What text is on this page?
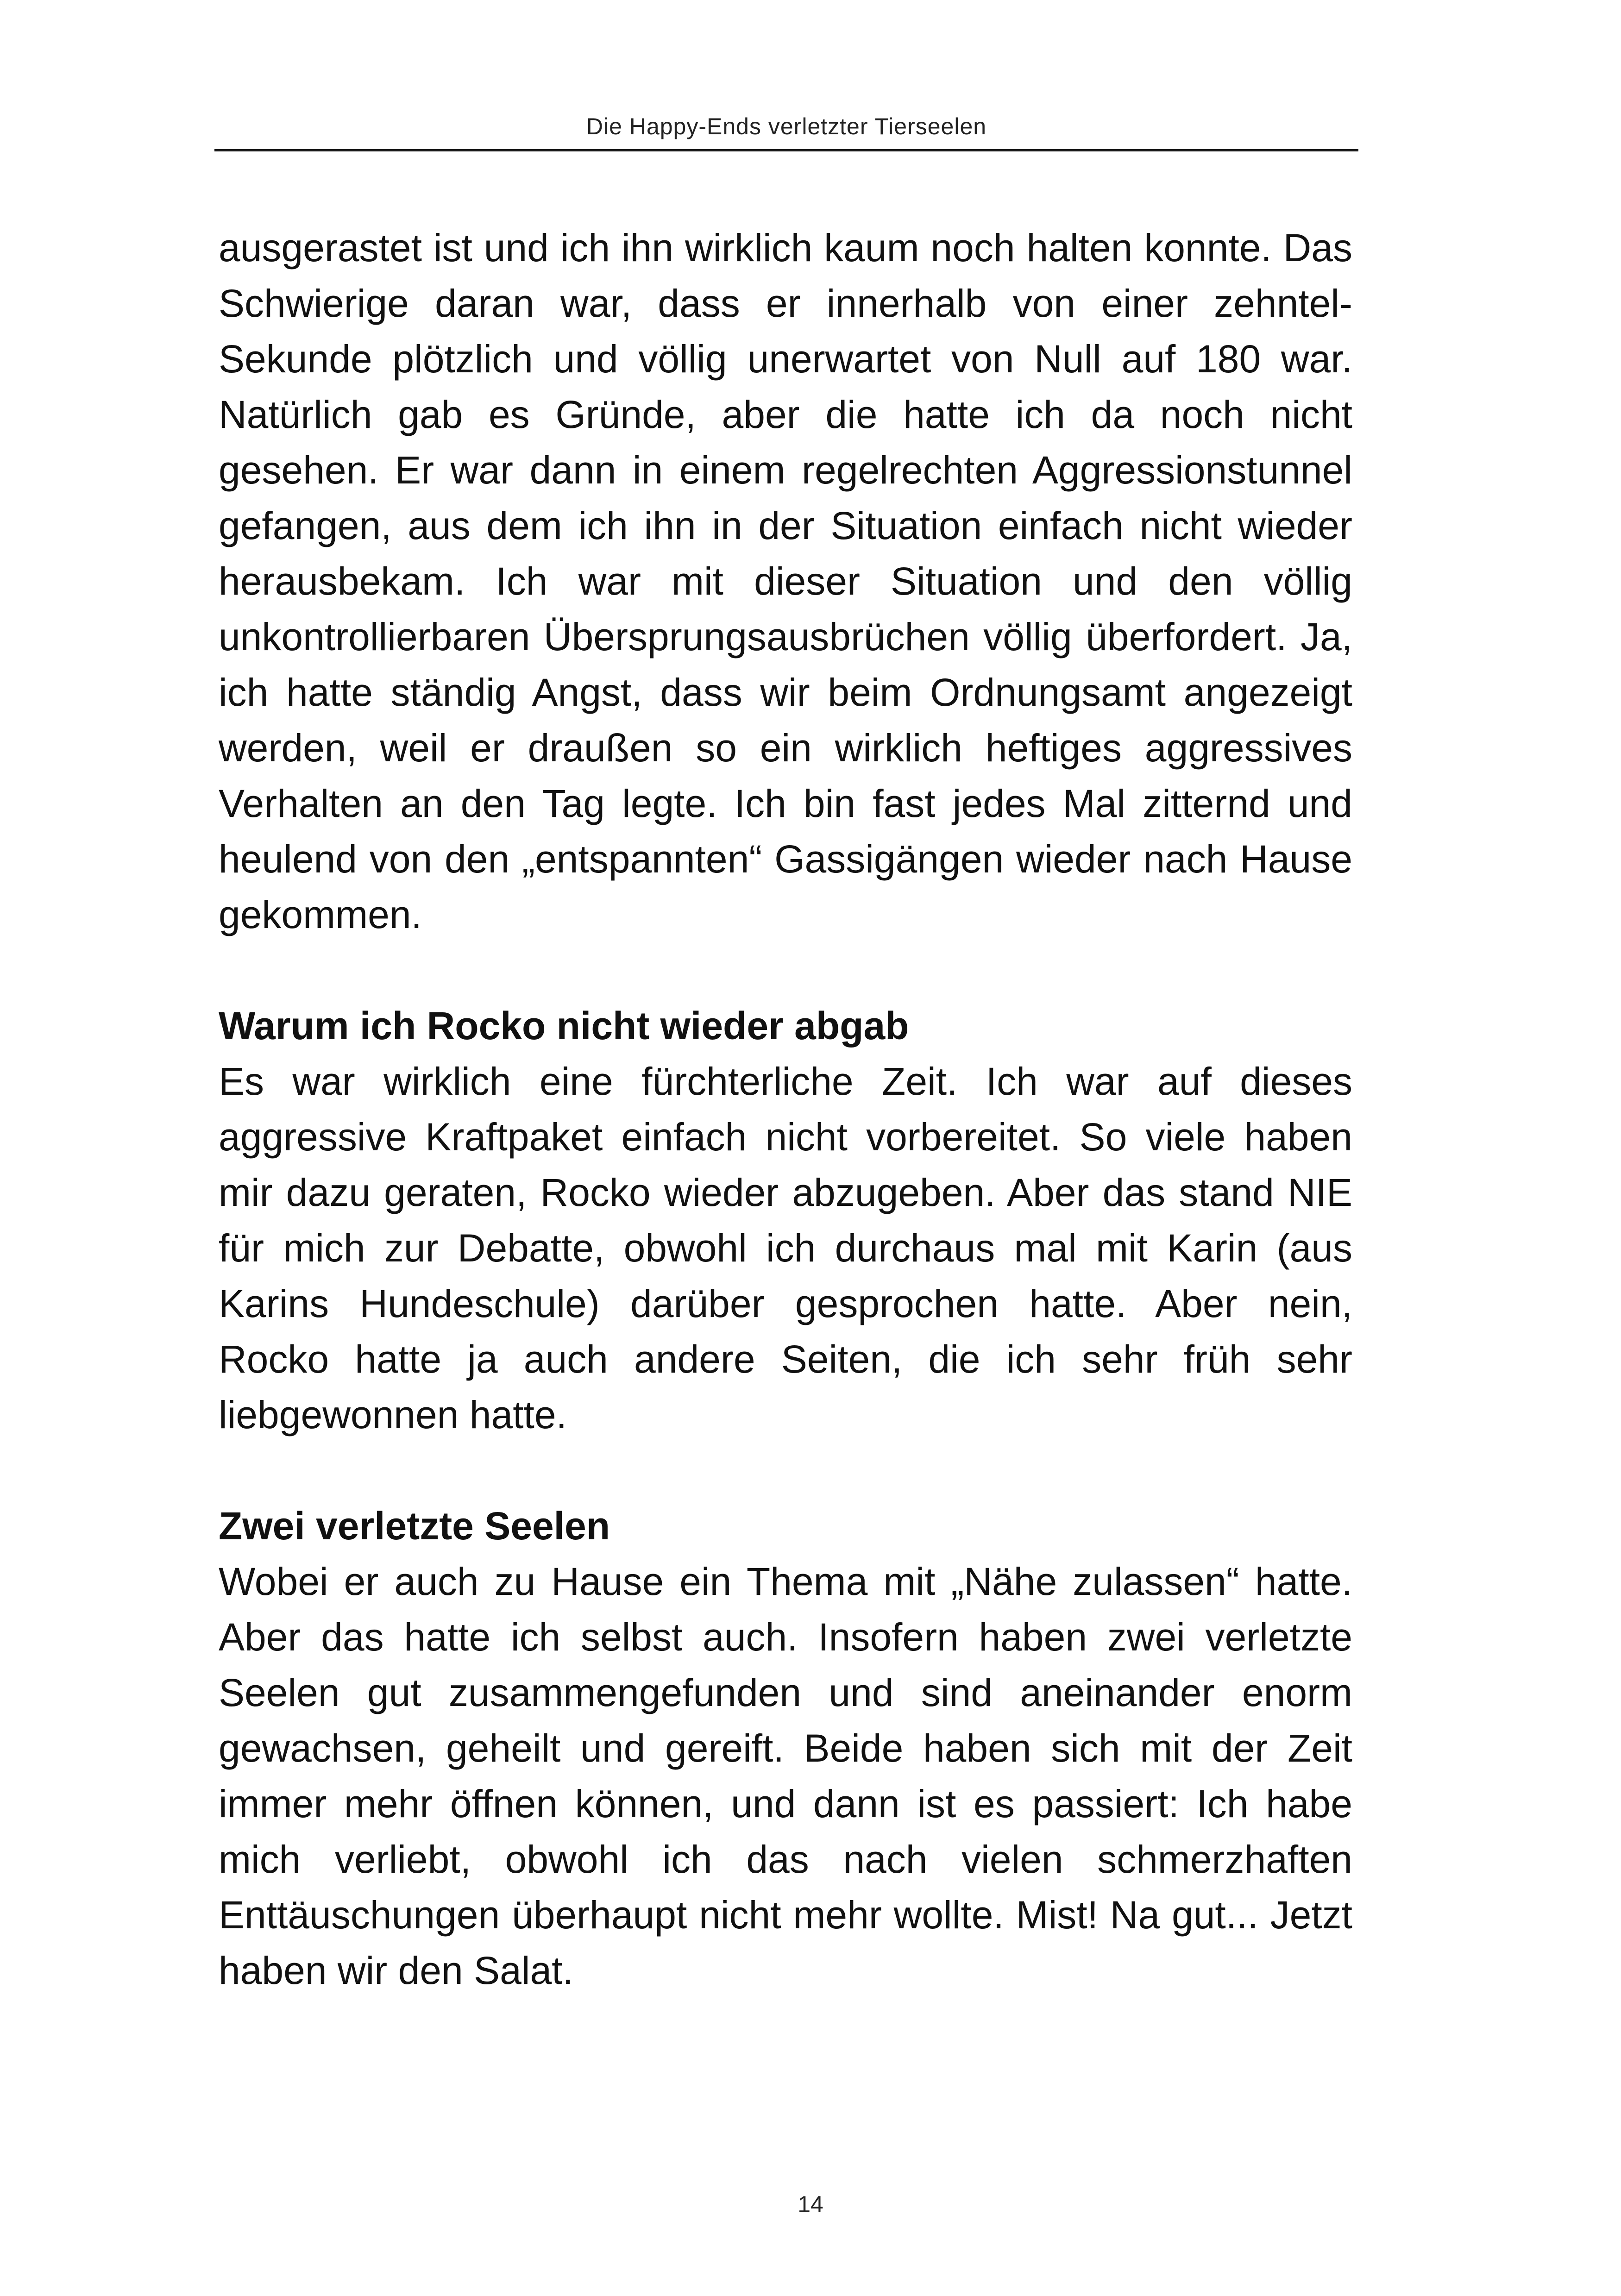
Die Happy-Ends verletzter Tierseelen

ausgerastet ist und ich ihn wirklich kaum noch halten konnte. Das Schwierige daran war, dass er innerhalb von einer zehntel-Sekunde plötzlich und völlig unerwartet von Null auf 180 war. Natürlich gab es Gründe, aber die hatte ich da noch nicht gesehen. Er war dann in einem regelrechten Aggressionstunnel gefangen, aus dem ich ihn in der Situation einfach nicht wieder herausbekam. Ich war mit dieser Situation und den völlig unkontrollierbaren Übersprungsausbrüchen völlig überfordert. Ja, ich hatte ständig Angst, dass wir beim Ordnungsamt angezeigt werden, weil er draußen so ein wirklich heftiges aggressives Verhalten an den Tag legte. Ich bin fast jedes Mal zitternd und heulend von den „entspannten“ Gassigängen wieder nach Hause gekommen.

Warum ich Rocko nicht wieder abgab

Es war wirklich eine fürchterliche Zeit. Ich war auf dieses aggressive Kraftpaket einfach nicht vorbereitet. So viele haben mir dazu geraten, Rocko wieder abzugeben. Aber das stand NIE für mich zur Debatte, obwohl ich durchaus mal mit Karin (aus Karins Hundeschule) darüber gesprochen hatte. Aber nein, Rocko hatte ja auch andere Seiten, die ich sehr früh sehr liebgewonnen hatte.

Zwei verletzte Seelen

Wobei er auch zu Hause ein Thema mit „Nähe zulassen“ hatte. Aber das hatte ich selbst auch. Insofern haben zwei verletzte Seelen gut zusammengefunden und sind aneinander enorm gewachsen, geheilt und gereift. Beide haben sich mit der Zeit immer mehr öffnen können, und dann ist es passiert: Ich habe mich verliebt, obwohl ich das nach vielen schmerzhaften Enttäuschungen überhaupt nicht mehr wollte. Mist! Na gut... Jetzt haben wir den Salat.

14
